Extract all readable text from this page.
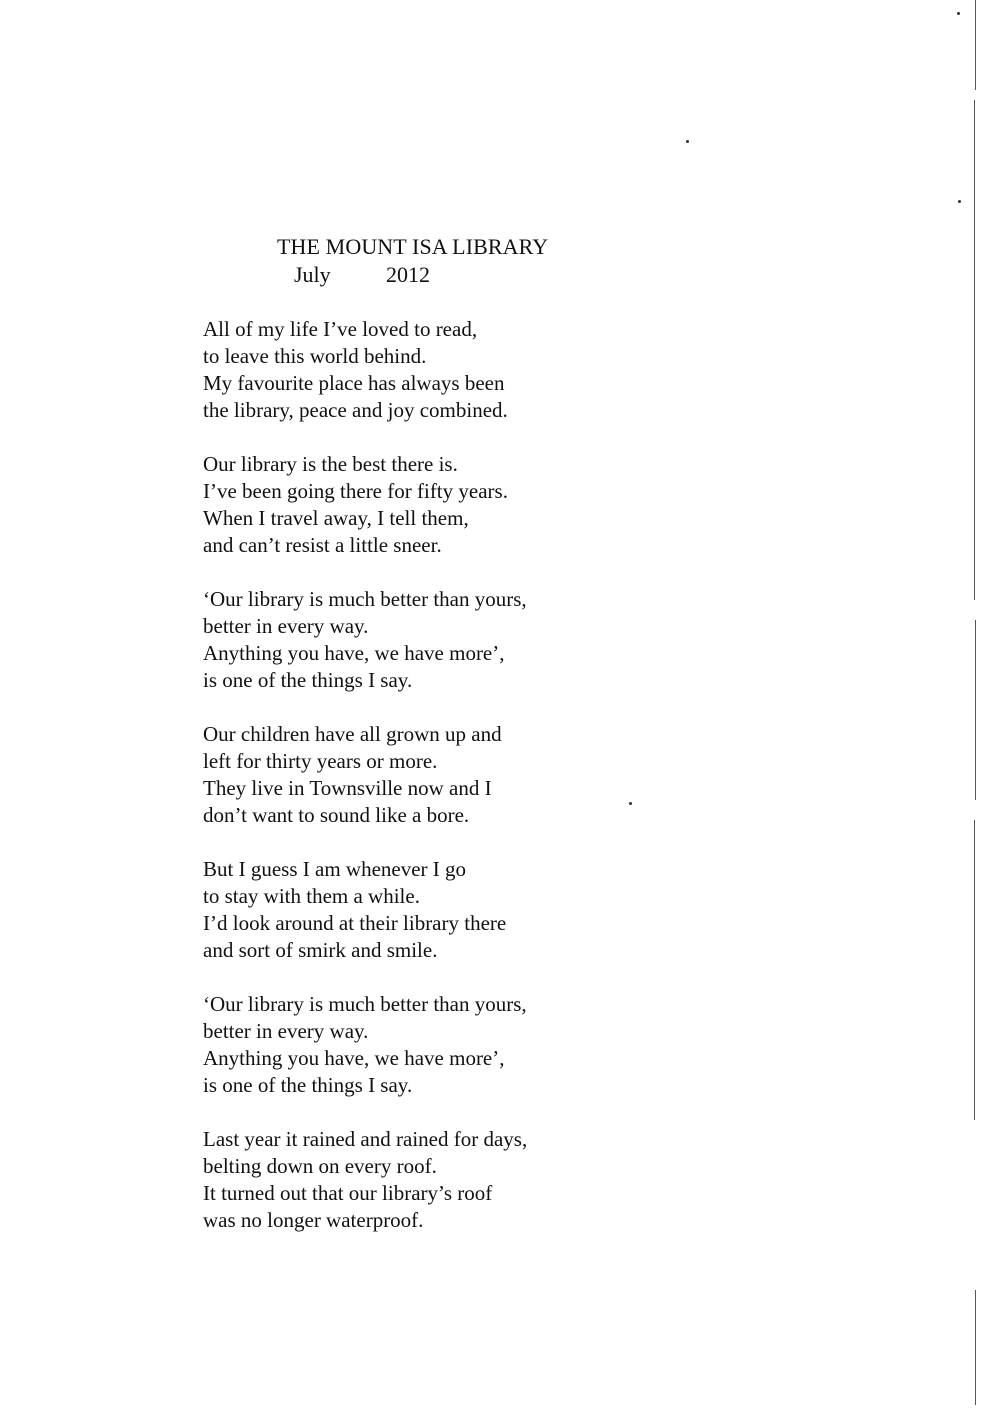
THE MOUNT ISA LIBRARY
July	2012
All of my life I’ve loved to read,
to leave this world behind.
My favourite place has always been
the library, peace and joy combined.
Our library is the best there is.
I’ve been going there for fifty years.
When I travel away, I tell them,
and can’t resist a little sneer.
‘Our library is much better than yours,
better in every way.
Anything you have, we have more’,
is one of the things I say.
Our children have all grown up and
left for thirty years or more.
They live in Townsville now and I
don’t want to sound like a bore.
But I guess I am whenever I go
to stay with them a while.
I’d look around at their library there
and sort of smirk and smile.
‘Our library is much better than yours,
better in every way.
Anything you have, we have more’,
is one of the things I say.
Last year it rained and rained for days,
belting down on every roof.
It turned out that our library’s roof
was no longer waterproof.
